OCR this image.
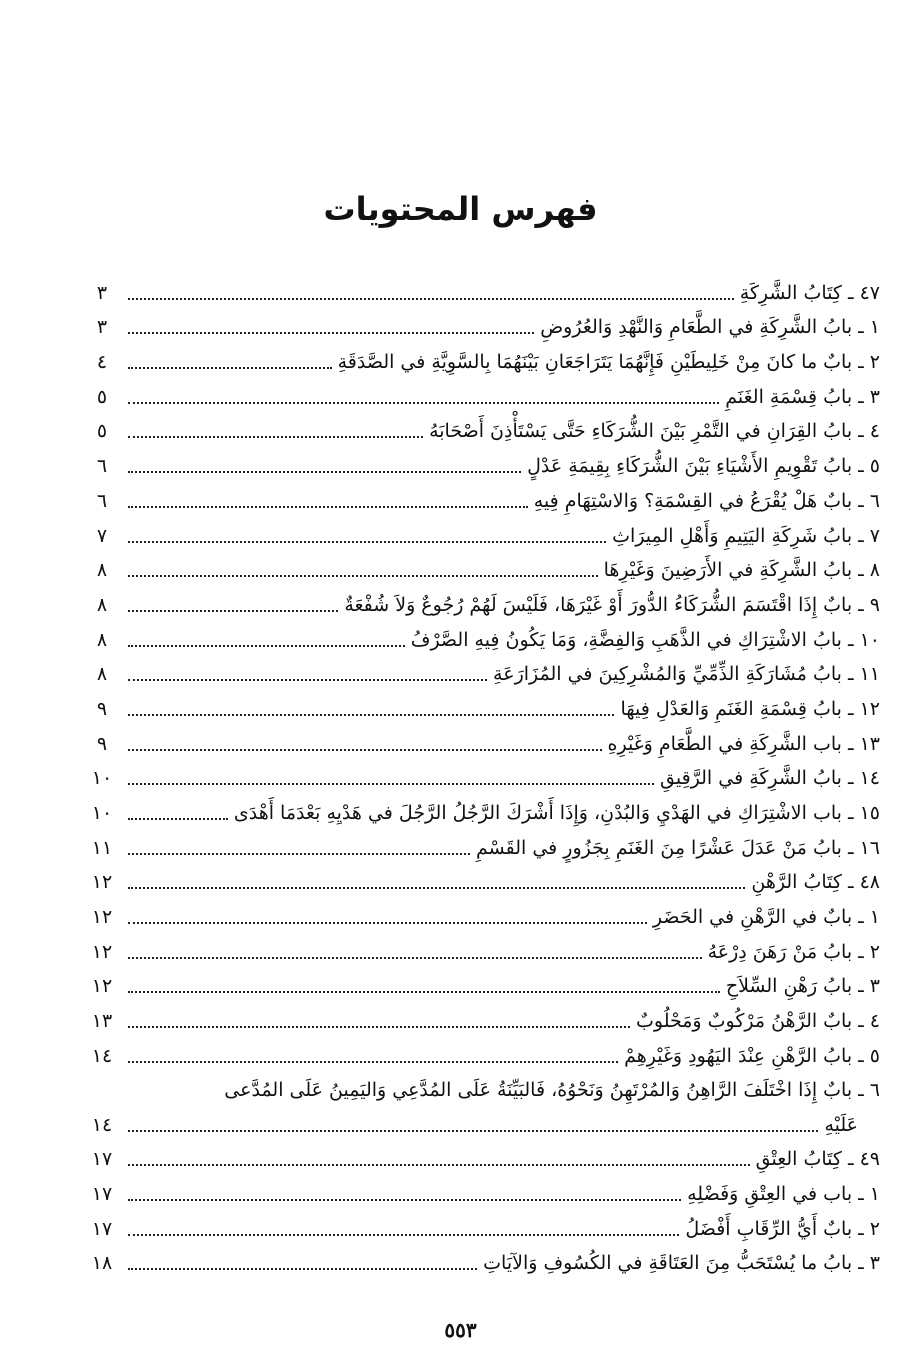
فهرس المحتويات
٤٧ ـ كِتَابُ الشَّرِكَةِ
٣
١ ـ بابُ الشَّرِكَةِ في الطَّعَامِ وَالنَّهْدِ وَالعُرُوضِ
٣
٢ ـ بابٌ ما كانَ مِنْ خَلِيطَيْنِ فَإِنَّهُمَا يَتَرَاجَعَانِ بَيْنَهُمَا بِالسَّوِيَّةِ في الصَّدَقَةِ
٤
٣ ـ بابُ قِسْمَةِ الغَنَمِ
٥
٤ ـ بابُ القِرَانِ في التَّمْرِ بَيْنَ الشُّرَكَاءِ حَتَّى يَسْتَأْذِنَ أَصْحَابَهُ
٥
٥ ـ بابُ تَقْوِيمِ الأَشْيَاءِ بَيْنَ الشُّرَكَاءِ بِقِيمَةِ عَدْلٍ
٦
٦ ـ بابٌ هَلْ يُقْرَعُ في القِسْمَةِ؟ وَالاسْتِهَامِ فِيهِ
٦
٧ ـ بابُ شَرِكَةِ اليَتِيمِ وَأَهْلِ المِيرَاثِ
٧
٨ ـ بابُ الشَّرِكَةِ في الأَرَضِينَ وَغَيْرِهَا
٨
٩ ـ بابٌ إِذَا اقْتَسَمَ الشُّرَكَاءُ الدُّورَ أَوْ غَيْرَهَا، فَلَيْسَ لَهُمْ رُجُوعٌ وَلاَ شُفْعَةٌ
٨
١٠ ـ بابُ الاشْتِرَاكِ في الذَّهَبِ وَالفِضَّةِ، وَمَا يَكُونُ فِيهِ الصَّرْفُ
٨
١١ ـ بابُ مُشَارَكَةِ الذِّمِّيِّ وَالمُشْرِكِينَ في المُزَارَعَةِ
٨
١٢ ـ بابُ قِسْمَةِ الغَنَمِ وَالعَدْلِ فِيهَا
٩
١٣ ـ باب الشَّرِكَةِ في الطَّعَامِ وَغَيْرِهِ
٩
١٤ ـ بابُ الشَّرِكَةِ في الرَّقِيقِ
١٠
١٥ ـ باب الاشْتِرَاكِ في الهَدْيِ وَالبُدْنِ، وَإِذَا أَشْرَكَ الرَّجُلُ الرَّجُلَ في هَدْيِهِ بَعْدَمَا أَهْدَى
١٠
١٦ ـ بابُ مَنْ عَدَلَ عَشْرًا مِنَ الغَنَمِ بِجَزُورٍ في القَسْمِ
١١
٤٨ ـ كِتَابُ الرَّهْنِ
١٢
١ ـ بابٌ في الرَّهْنِ في الحَضَرِ
١٢
٢ ـ بابُ مَنْ رَهَنَ دِرْعَهُ
١٢
٣ ـ بابُ رَهْنِ السِّلاَحِ
١٢
٤ ـ بابٌ الرَّهْنُ مَرْكُوبٌ وَمَحْلُوبٌ
١٣
٥ ـ بابُ الرَّهْنِ عِنْدَ اليَهُودِ وَغَيْرِهِمْ
١٤
٦ ـ بابٌ إِذَا اخْتَلَفَ الرَّاهِنُ وَالمُرْتَهِنُ وَنَحْوُهُ، فَالبَيِّنَةُ عَلَى المُدَّعِي وَاليَمِينُ عَلَى المُدَّعى
عَلَيْهِ
١٤
٤٩ ـ كِتَابُ العِتْقِ
١٧
١ ـ باب في العِتْقِ وَفَضْلِهِ
١٧
٢ ـ بابٌ أَيُّ الرِّقَابِ أَفْضَلُ
١٧
٣ ـ بابُ ما يُسْتَحَبُّ مِنَ العَتَاقَةِ في الكُسُوفِ وَالآيَاتِ
١٨
٥٥٣
